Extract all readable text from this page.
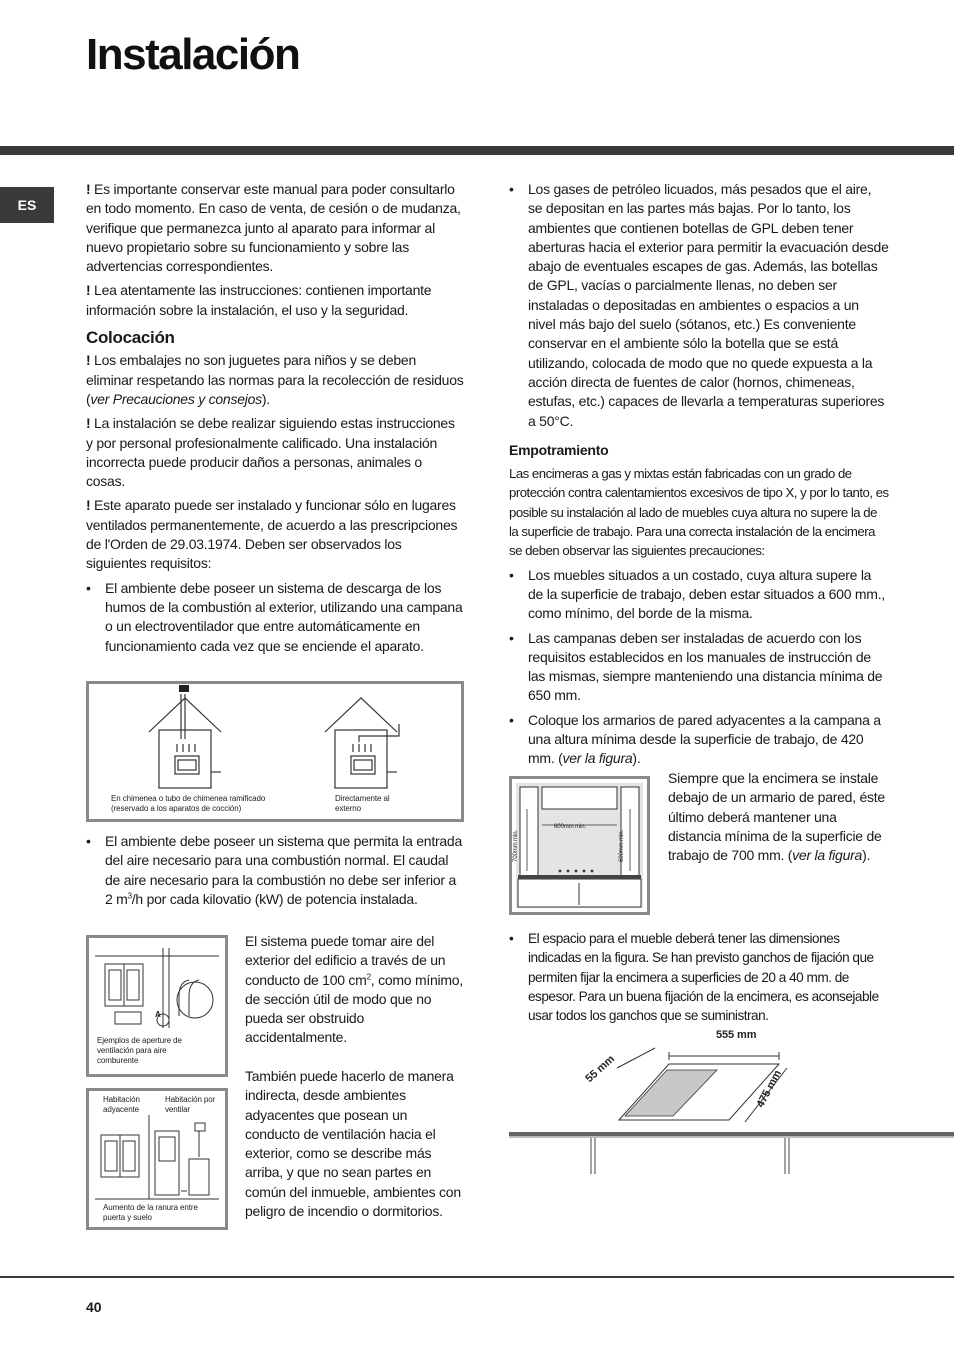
Instalación
ES

! Es importante conservar este manual para poder consultarlo en todo momento. En caso de venta, de cesión o de mudanza, verifique que permanezca junto al aparato para informar al nuevo propietario sobre su funcionamiento y sobre las advertencias correspondientes.

! Lea atentamente las instrucciones: contienen importante información sobre la instalación, el uso y la seguridad.

Colocación

! Los embalajes no son juguetes para niños y se deben eliminar respetando las normas para la recolección de residuos (ver Precauciones y consejos).

! La instalación se debe realizar siguiendo estas instrucciones y por personal profesionalmente calificado. Una instalación incorrecta puede producir daños a personas, animales o cosas.

! Este aparato puede ser instalado y funcionar sólo en lugares ventilados permanentemente, de acuerdo a las prescripciones de l'Orden de 29.03.1974. Deben ser observados los siguientes requisitos:

• El ambiente debe poseer un sistema de descarga de los humos de la combustión al exterior, utilizando una campana o un electroventilador que entre automáticamente en funcionamiento cada vez que se enciende el aparato.
En chimenea o tubo de chimenea ramificado (reservado a los aparatos de cocción)
Directamente al externo
• El ambiente debe poseer un sistema que permita la entrada del aire necesario para una combustión normal. El caudal de aire necesario para la combustión no debe ser inferior a 2 $m^3/h$ por cada kilovatio (kW) de potencia instalada.
A
Ejemplos de aperture de ventilación para aire comburente
El sistema puede tomar aire del exterior del edificio a través de un conducto de 100 $cm^2$, como mínimo, de sección útil de modo que no pueda ser obstruido accidentalmente.
También puede hacerlo de manera indirecta, desde ambientes adyacentes que posean un conducto de ventilación hacia el exterior, como se describe más arriba, y que no sean partes en común del inmueble, ambientes con peligro de incendio o dormitorios.
Habitación adyacente
Habitación por ventilar
Aumento de la ranura entre puerta y suelo
• Los gases de petróleo licuados, más pesados que el aire, se depositan en las partes más bajas. Por lo tanto, los ambientes que contienen botellas de GPL deben tener aberturas hacia el exterior para permitir la evacuación desde abajo de eventuales escapes de gas. Además, las botellas de GPL, vacías o parcialmente llenas, no deben ser instaladas o depositadas en ambientes o espacios a un nivel más bajo del suelo (sótanos, etc.) Es conveniente conservar en el ambiente sólo la botella que se está utilizando, colocada de modo que no quede expuesta a la acción directa de fuentes de calor (hornos, chimeneas, estufas, etc.) capaces de llevarla a temperaturas superiores a 50°C.
Empotramiento

Las encimeras a gas y mixtas están fabricadas con un grado de protección contra calentamientos excesivos de tipo X, y por lo tanto, es posible su instalación al lado de muebles cuya altura no supere la de la superficie de trabajo. Para una correcta instalación de la encimera se deben observar las siguientes precauciones:

• Los muebles situados a un costado, cuya altura supere la de la superficie de trabajo, deben estar situados a 600 mm., como mínimo, del borde de la misma.
• Las campanas deben ser instaladas de acuerdo con los requisitos establecidos en los manuales de instrucción de las mismas, siempre manteniendo una distancia mínima de 650 mm.
• Coloque los armarios de pared adyacentes a la campana a una altura mínima desde la superficie de trabajo, de 420 mm. (ver la figura).
600mm min.
700mm min.	600mm min.
Siempre que la encimera se instale debajo de un armario de pared, éste último deberá mantener una distancia mínima de la superficie de trabajo de 700 mm. (ver la figura).
• El espacio para el mueble deberá tener las dimensiones indicadas en la figura. Se han previsto ganchos de fijación que permiten fijar la encimera a superficies de 20 a 40 mm. de espesor. Para un buena fijación de la encimera, es aconsejable usar todos los ganchos que se suministran.
555 mm
55 mm	475 mm
40
